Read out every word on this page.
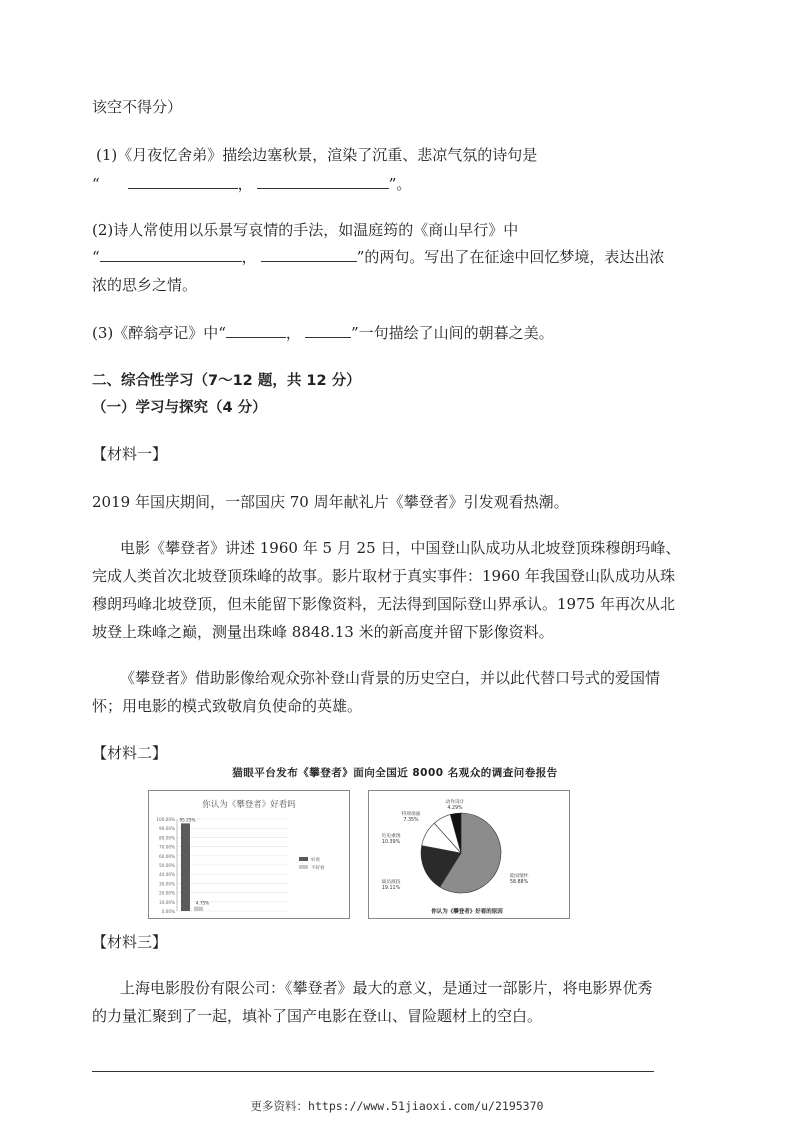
该空不得分）
(1)《月夜忆舍弟》描绘边塞秋景，渲染了沉重、悲凉气氛的诗句是
“	，	”。
(2)诗人常使用以乐景写哀情的手法，如温庭筠的《商山早行》中
“	，	”的两句。写出了在征途中回忆梦境，表达出浓
浓的思乡之情。
(3)《醉翁亭记》中“	，	”一句描绘了山间的朝暮之美。
二、综合性学习（7～12 题，共 12 分）
（一）学习与探究（4 分）
【材料一】
2019 年国庆期间，一部国庆 70 周年献礼片《攀登者》引发观看热潮。
电影《攀登者》讲述 1960 年 5 月 25 日，中国登山队成功从北坡登顶珠穆朗玛峰、
完成人类首次北坡登顶珠峰的故事。影片取材于真实事件：1960 年我国登山队成功从珠
穆朗玛峰北坡登顶，但未能留下影像资料，无法得到国际登山界承认。1975 年再次从北
坡登上珠峰之巅，测量出珠峰 8848.13 米的新高度并留下影像资料。
《攀登者》借助影像给观众弥补登山背景的历史空白，并以此代替口号式的爱国情
怀；用电影的模式致敬肩负使命的英雄。
【材料二】
猫眼平台发布《攀登者》面向全国近 8000 名观众的调查问卷报告
你认为《攀登者》好看吗
100.00%
90.00%
80.00%
70.00%
60.00%
50.00%
40.00%
30.00%
20.00%
10.00%
0.00%
95.25%
4.75%
好看
不好看
爱国情怀
58.88%
演员演技
19.11%
历史重现
10.39%
特效场面
7.35%
动作设计
4.29%
你认为《攀登者》好看的原因
【材料三】
上海电影股份有限公司：《攀登者》最大的意义，是通过一部影片，将电影界优秀
的力量汇聚到了一起，填补了国产电影在登山、冒险题材上的空白。
更多资料：https://www.51jiaoxi.com/u/2195370
